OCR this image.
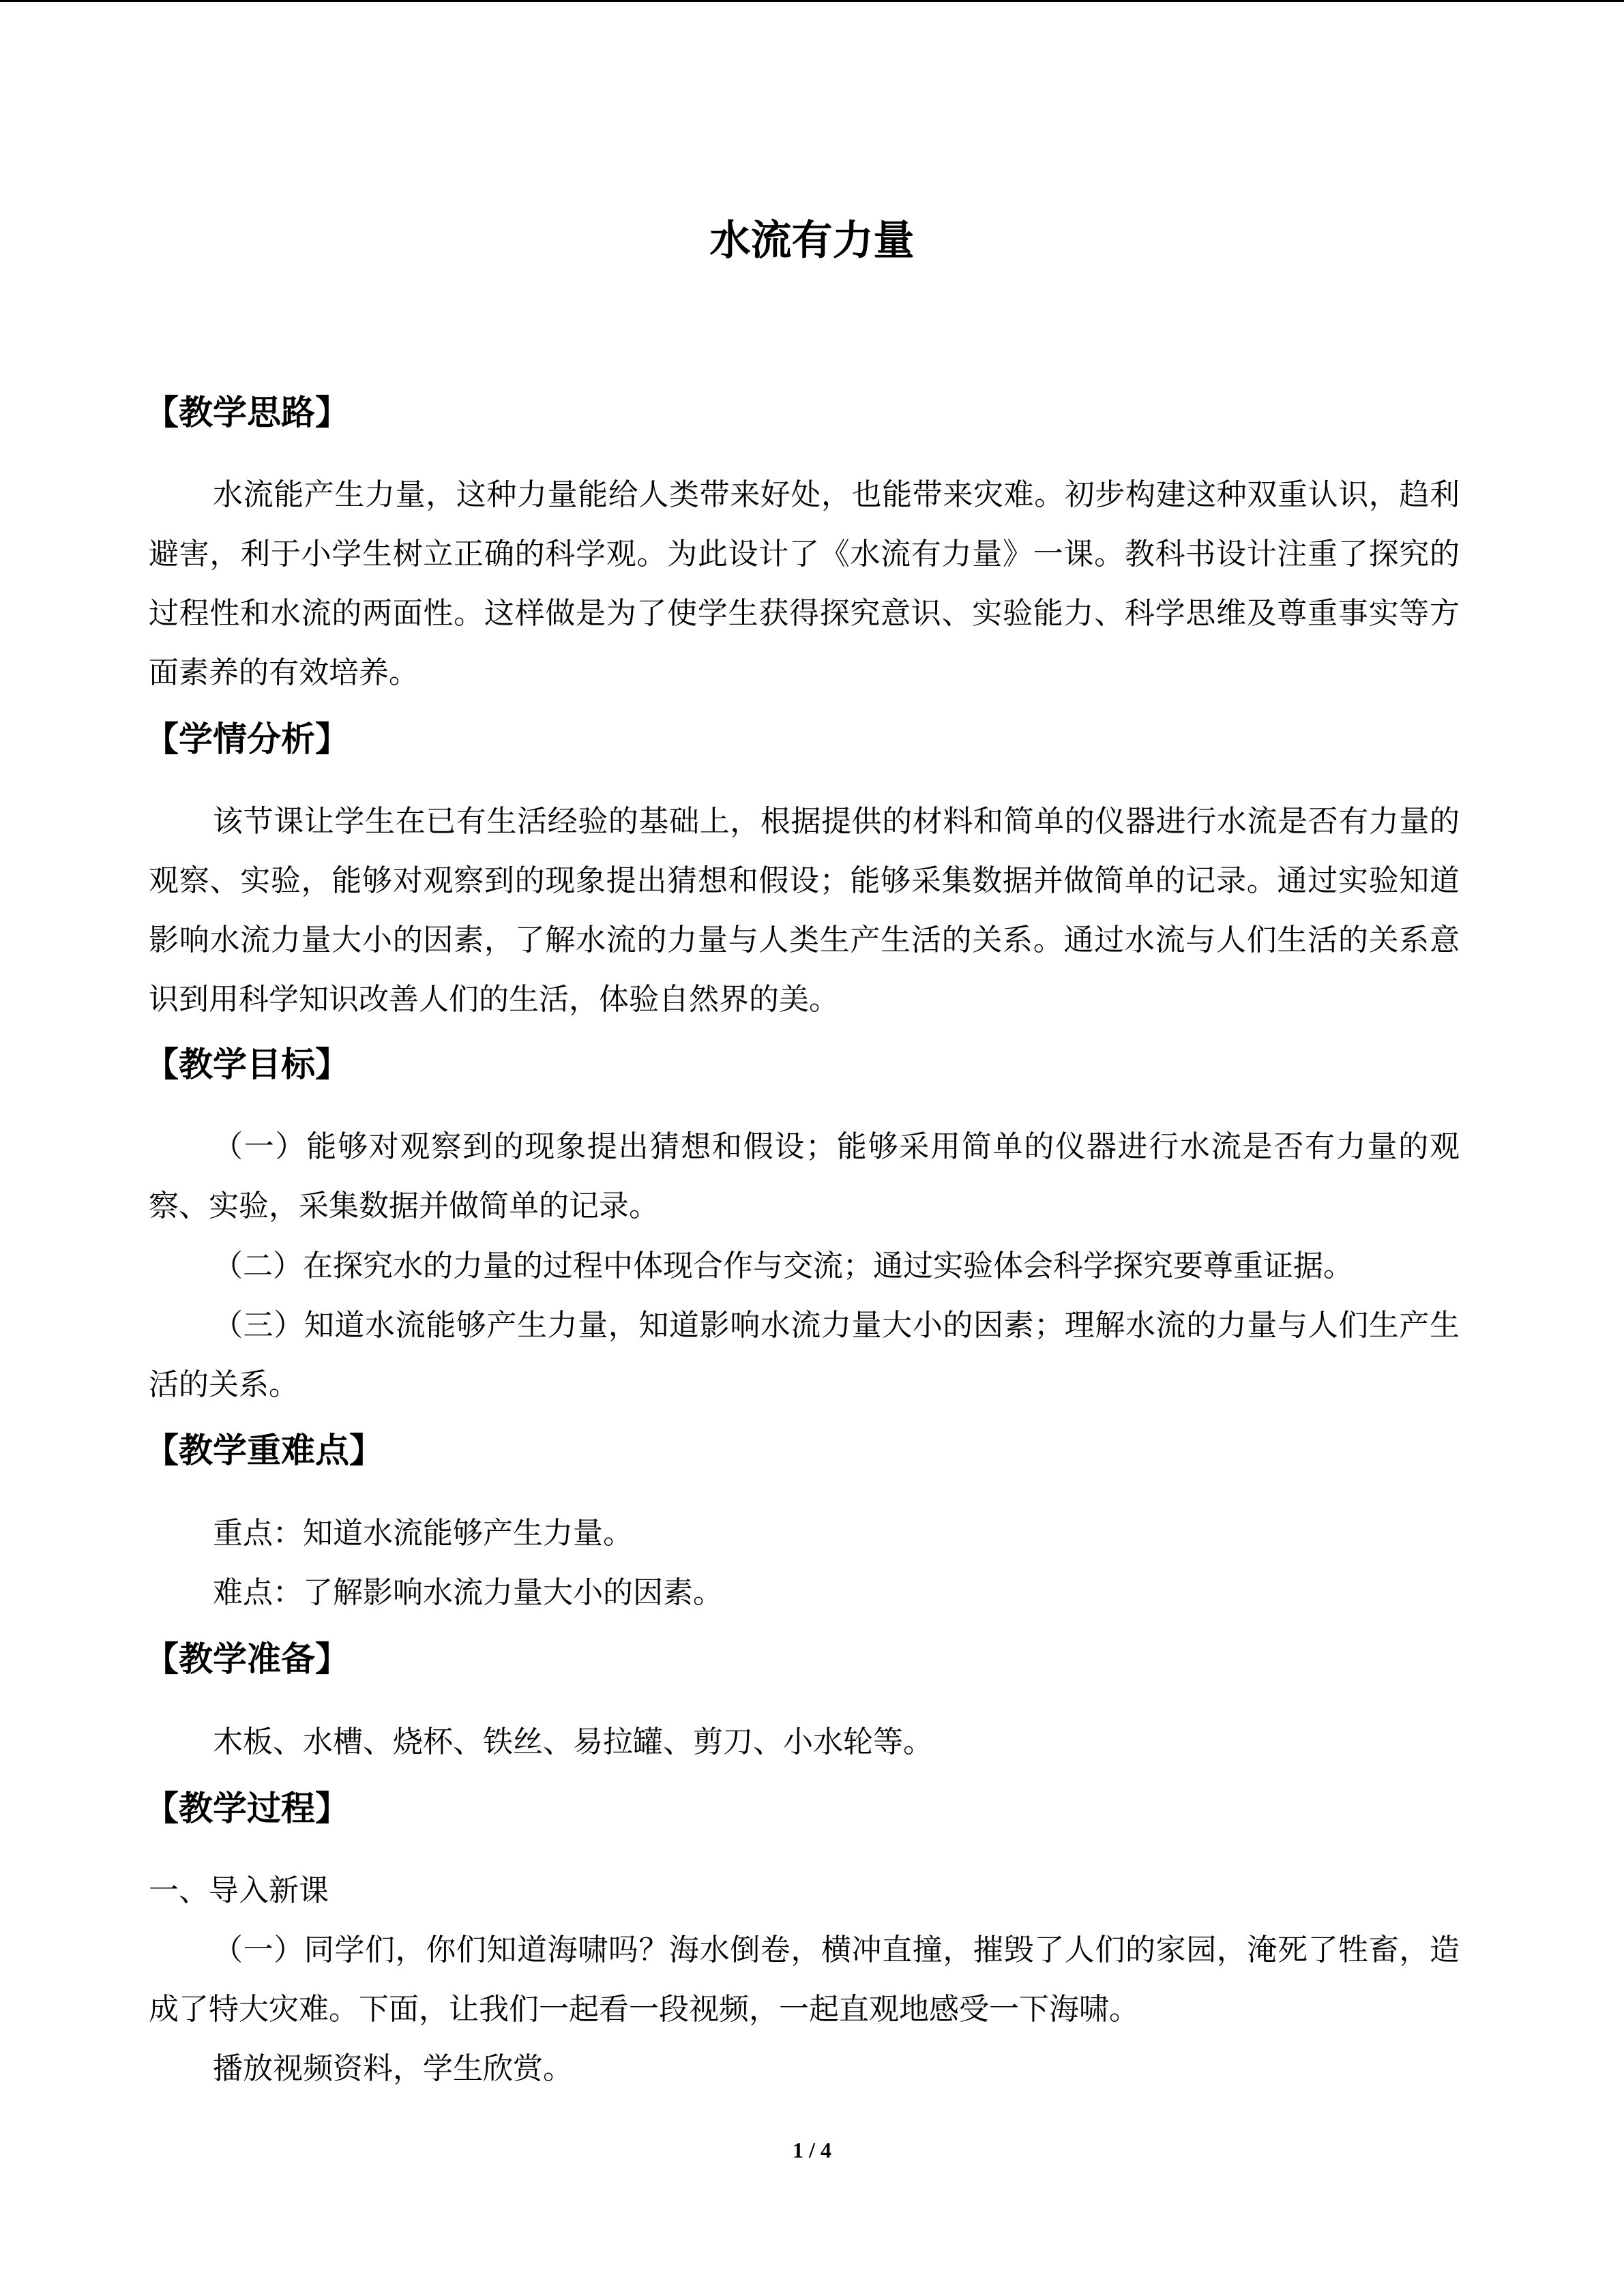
水流有力量
【教学思路】

水流能产生力量，这种力量能给人类带来好处，也能带来灾难。初步构建这种双重认识，趋利避害，利于小学生树立正确的科学观。为此设计了《水流有力量》一课。教科书设计注重了探究的过程性和水流的两面性。这样做是为了使学生获得探究意识、实验能力、科学思维及尊重事实等方面素养的有效培养。

【学情分析】

该节课让学生在已有生活经验的基础上，根据提供的材料和简单的仪器进行水流是否有力量的观察、实验，能够对观察到的现象提出猜想和假设；能够采集数据并做简单的记录。通过实验知道影响水流力量大小的因素，了解水流的力量与人类生产生活的关系。通过水流与人们生活的关系意识到用科学知识改善人们的生活，体验自然界的美。

【教学目标】

（一）能够对观察到的现象提出猜想和假设；能够采用简单的仪器进行水流是否有力量的观察、实验，采集数据并做简单的记录。

（二）在探究水的力量的过程中体现合作与交流；通过实验体会科学探究要尊重证据。

（三）知道水流能够产生力量，知道影响水流力量大小的因素；理解水流的力量与人们生产生活的关系。

【教学重难点】

重点：知道水流能够产生力量。

难点：了解影响水流力量大小的因素。

【教学准备】

木板、水槽、烧杯、铁丝、易拉罐、剪刀、小水轮等。

【教学过程】

一、导入新课

（一）同学们，你们知道海啸吗？海水倒卷，横冲直撞，摧毁了人们的家园，淹死了牲畜，造成了特大灾难。下面，让我们一起看一段视频，一起直观地感受一下海啸。

播放视频资料，学生欣赏。

1 / 4
